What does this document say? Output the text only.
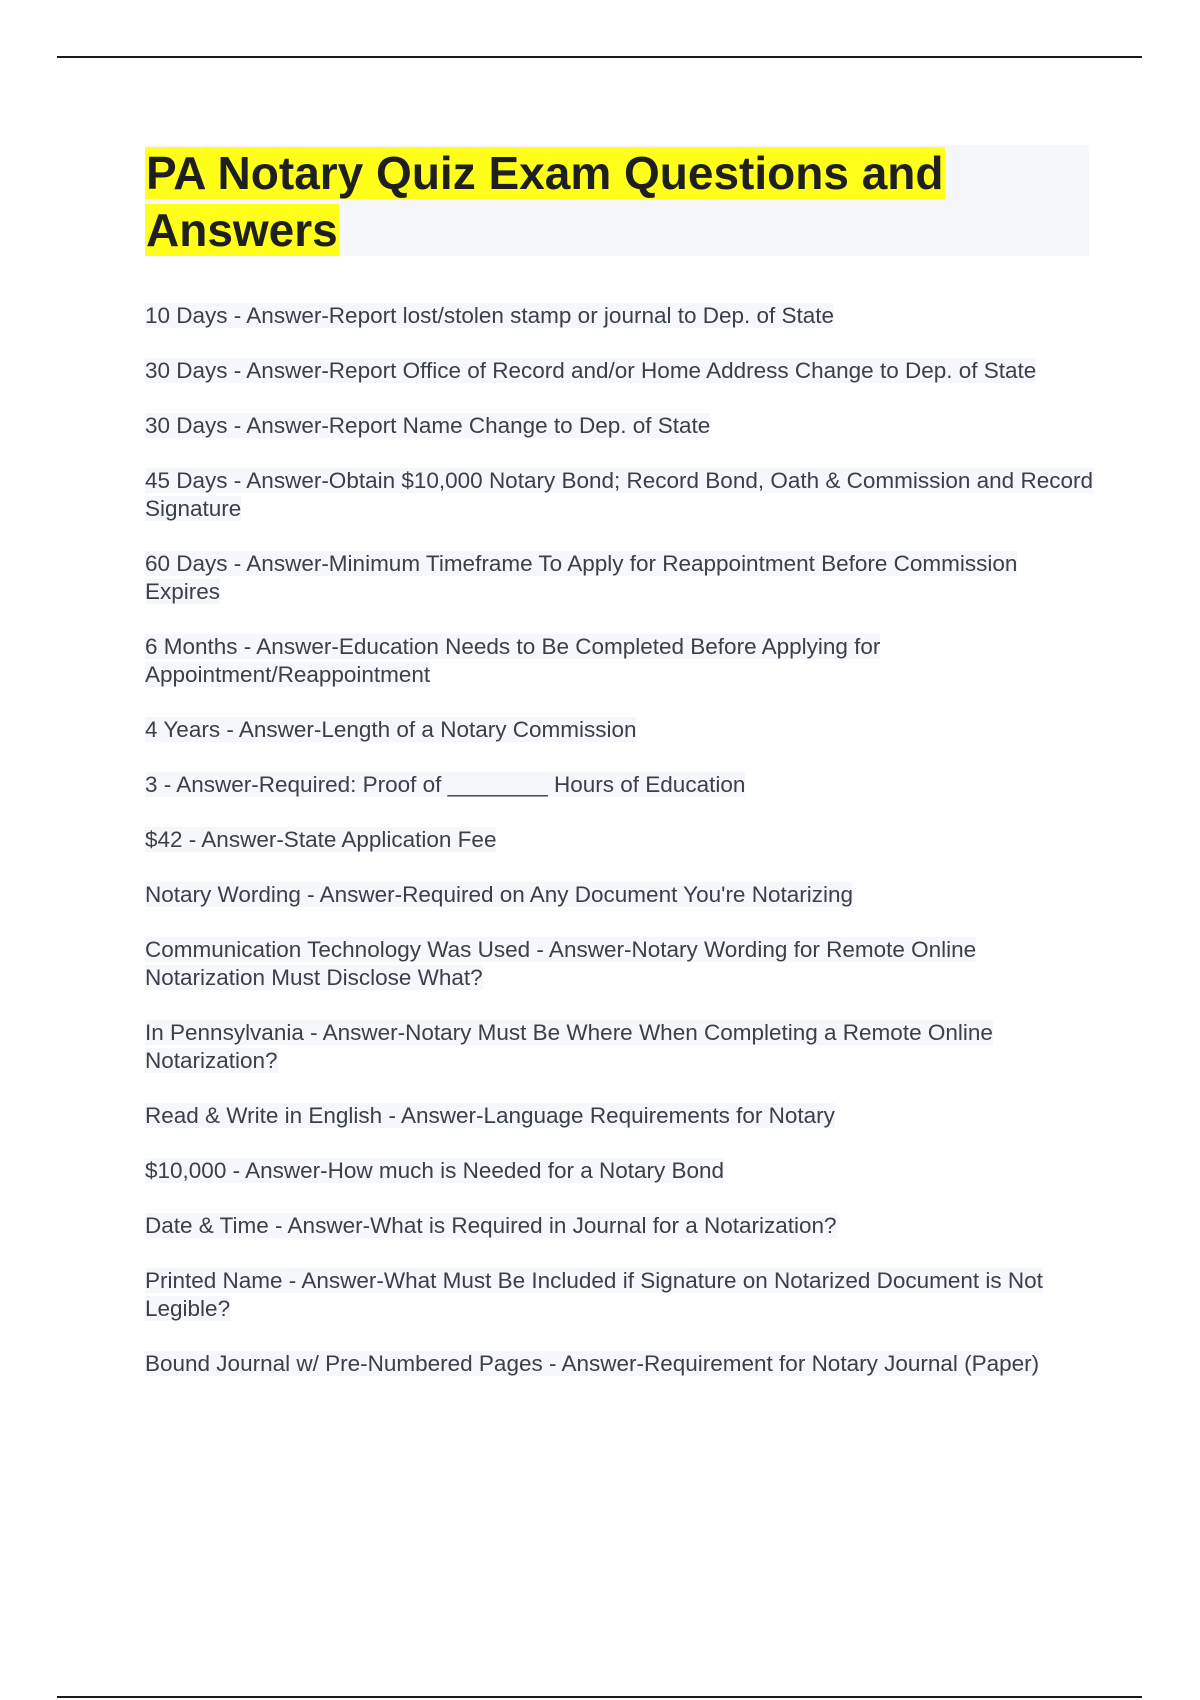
PA Notary Quiz Exam Questions and Answers
10 Days - Answer-Report lost/stolen stamp or journal to Dep. of State
30 Days - Answer-Report Office of Record and/or Home Address Change to Dep. of State
30 Days - Answer-Report Name Change to Dep. of State
45 Days - Answer-Obtain $10,000 Notary Bond; Record Bond, Oath & Commission and Record Signature
60 Days - Answer-Minimum Timeframe To Apply for Reappointment Before Commission Expires
6 Months - Answer-Education Needs to Be Completed Before Applying for Appointment/Reappointment
4 Years - Answer-Length of a Notary Commission
3 - Answer-Required: Proof of ________ Hours of Education
$42 - Answer-State Application Fee
Notary Wording - Answer-Required on Any Document You're Notarizing
Communication Technology Was Used - Answer-Notary Wording for Remote Online Notarization Must Disclose What?
In Pennsylvania - Answer-Notary Must Be Where When Completing a Remote Online Notarization?
Read & Write in English - Answer-Language Requirements for Notary
$10,000 - Answer-How much is Needed for a Notary Bond
Date & Time - Answer-What is Required in Journal for a Notarization?
Printed Name - Answer-What Must Be Included if Signature on Notarized Document is Not Legible?
Bound Journal w/ Pre-Numbered Pages - Answer-Requirement for Notary Journal (Paper)
